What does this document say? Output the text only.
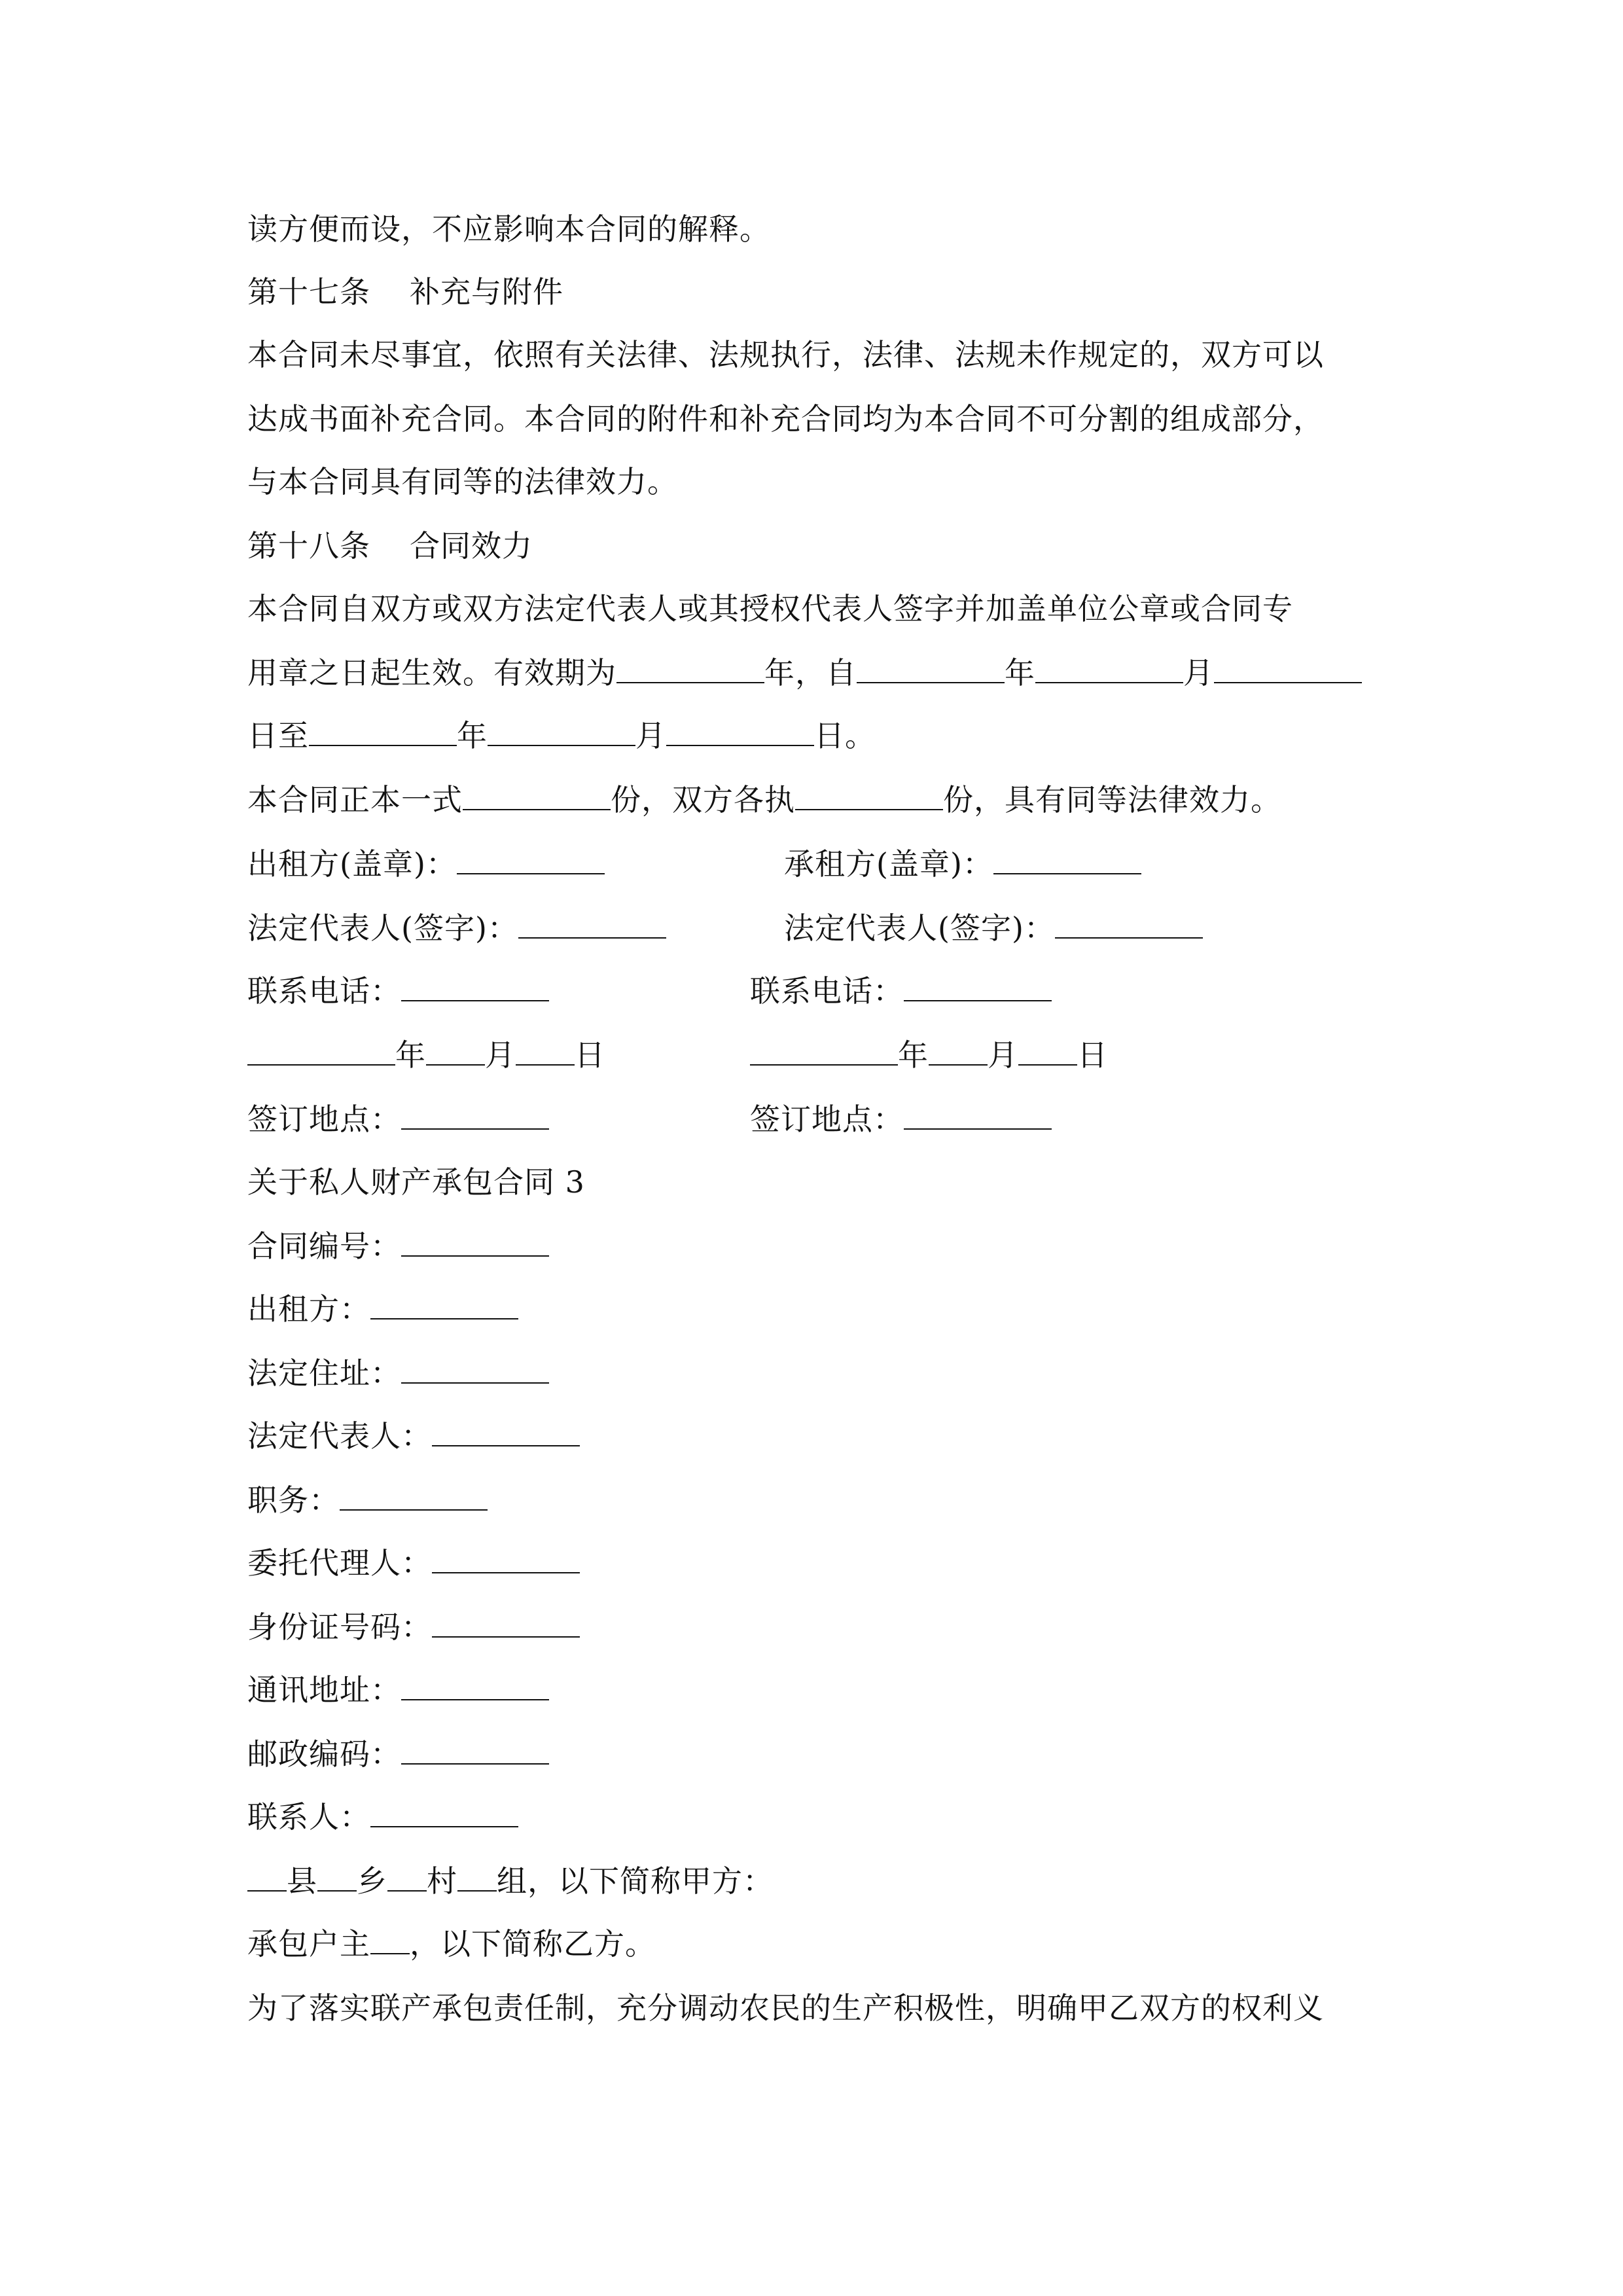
读方便而设，不应影响本合同的解释。
第十七条 补充与附件
本合同未尽事宜，依照有关法律、法规执行，法律、法规未作规定的，双方可以
达成书面补充合同。本合同的附件和补充合同均为本合同不可分割的组成部分，
与本合同具有同等的法律效力。
第十八条 合同效力
本合同自双方或双方法定代表人或其授权代表人签字并加盖单位公章或合同专
用章之日起生效。有效期为	年，自	年	月
日至	年	月	日。
本合同正本一式	份，双方各执	份，具有同等法律效力。
出租方(盖章)：	承租方(盖章)：
法定代表人(签字)：	法定代表人(签字)：
联系电话：	联系电话：
年 月 日	年 月 日
签订地点：	签订地点：
关于私人财产承包合同 3
合同编号：
出租方：
法定住址：
法定代表人：
职务：
委托代理人：
身份证号码：
通讯地址：
邮政编码：
联系人：
县 乡 村 组，以下简称甲方：
承包户主 ，以下简称乙方。
为了落实联产承包责任制，充分调动农民的生产积极性，明确甲乙双方的权利义
